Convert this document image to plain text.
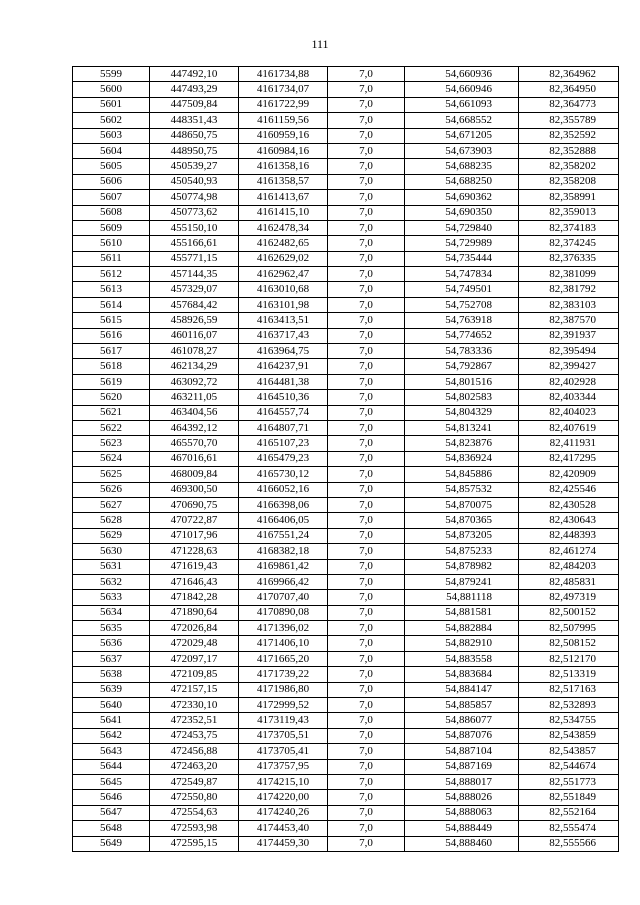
111
5599	447492,10	4161734,88	7,0	54,660936	82,364962
5600	447493,29	4161734,07	7,0	54,660946	82,364950
5601	447509,84	4161722,99	7,0	54,661093	82,364773
5602	448351,43	4161159,56	7,0	54,668552	82,355789
5603	448650,75	4160959,16	7,0	54,671205	82,352592
5604	448950,75	4160984,16	7,0	54,673903	82,352888
5605	450539,27	4161358,16	7,0	54,688235	82,358202
5606	450540,93	4161358,57	7,0	54,688250	82,358208
5607	450774,98	4161413,67	7,0	54,690362	82,358991
5608	450773,62	4161415,10	7,0	54,690350	82,359013
5609	455150,10	4162478,34	7,0	54,729840	82,374183
5610	455166,61	4162482,65	7,0	54,729989	82,374245
5611	455771,15	4162629,02	7,0	54,735444	82,376335
5612	457144,35	4162962,47	7,0	54,747834	82,381099
5613	457329,07	4163010,68	7,0	54,749501	82,381792
5614	457684,42	4163101,98	7,0	54,752708	82,383103
5615	458926,59	4163413,51	7,0	54,763918	82,387570
5616	460116,07	4163717,43	7,0	54,774652	82,391937
5617	461078,27	4163964,75	7,0	54,783336	82,395494
5618	462134,29	4164237,91	7,0	54,792867	82,399427
5619	463092,72	4164481,38	7,0	54,801516	82,402928
5620	463211,05	4164510,36	7,0	54,802583	82,403344
5621	463404,56	4164557,74	7,0	54,804329	82,404023
5622	464392,12	4164807,71	7,0	54,813241	82,407619
5623	465570,70	4165107,23	7,0	54,823876	82,411931
5624	467016,61	4165479,23	7,0	54,836924	82,417295
5625	468009,84	4165730,12	7,0	54,845886	82,420909
5626	469300,50	4166052,16	7,0	54,857532	82,425546
5627	470690,75	4166398,06	7,0	54,870075	82,430528
5628	470722,87	4166406,05	7,0	54,870365	82,430643
5629	471017,96	4167551,24	7,0	54,873205	82,448393
5630	471228,63	4168382,18	7,0	54,875233	82,461274
5631	471619,43	4169861,42	7,0	54,878982	82,484203
5632	471646,43	4169966,42	7,0	54,879241	82,485831
5633	471842,28	4170707,40	7,0	54,881118	82,497319
5634	471890,64	4170890,08	7,0	54,881581	82,500152
5635	472026,84	4171396,02	7,0	54,882884	82,507995
5636	472029,48	4171406,10	7,0	54,882910	82,508152
5637	472097,17	4171665,20	7,0	54,883558	82,512170
5638	472109,85	4171739,22	7,0	54,883684	82,513319
5639	472157,15	4171986,80	7,0	54,884147	82,517163
5640	472330,10	4172999,52	7,0	54,885857	82,532893
5641	472352,51	4173119,43	7,0	54,886077	82,534755
5642	472453,75	4173705,51	7,0	54,887076	82,543859
5643	472456,88	4173705,41	7,0	54,887104	82,543857
5644	472463,20	4173757,95	7,0	54,887169	82,544674
5645	472549,87	4174215,10	7,0	54,888017	82,551773
5646	472550,80	4174220,00	7,0	54,888026	82,551849
5647	472554,63	4174240,26	7,0	54,888063	82,552164
5648	472593,98	4174453,40	7,0	54,888449	82,555474
5649	472595,15	4174459,30	7,0	54,888460	82,555566
